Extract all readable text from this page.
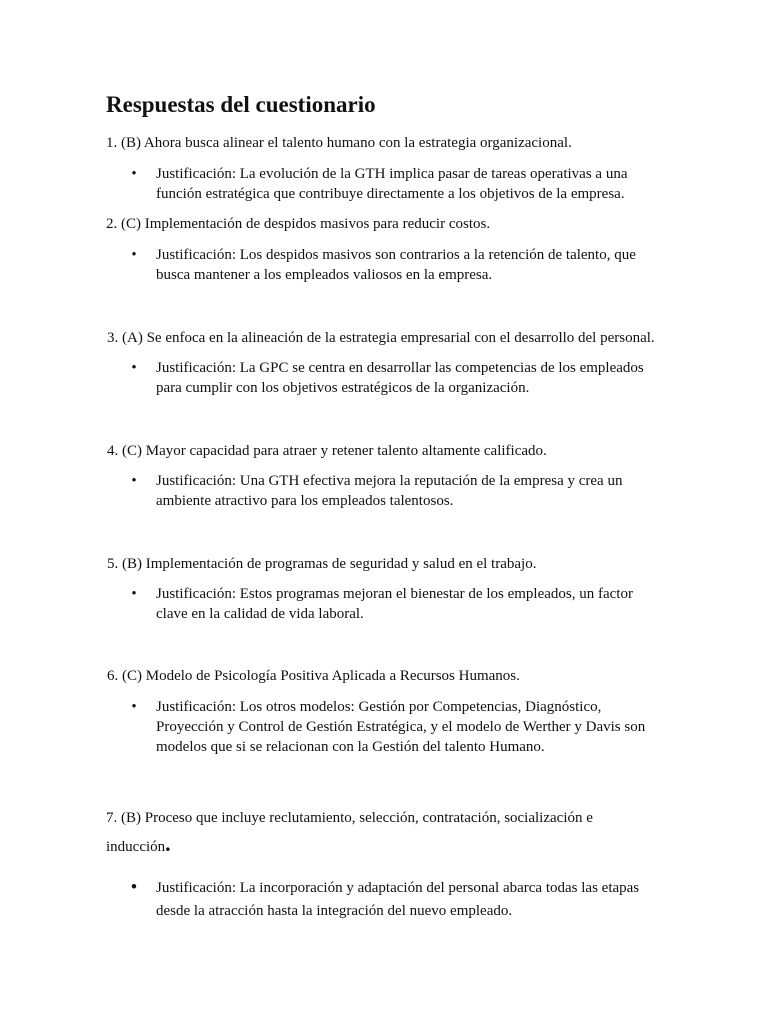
Respuestas del cuestionario
1. (B) Ahora busca alinear el talento humano con la estrategia organizacional.
• Justificación: La evolución de la GTH implica pasar de tareas operativas a una función estratégica que contribuye directamente a los objetivos de la empresa.
2. (C) Implementación de despidos masivos para reducir costos.
• Justificación: Los despidos masivos son contrarios a la retención de talento, que busca mantener a los empleados valiosos en la empresa.
3. (A) Se enfoca en la alineación de la estrategia empresarial con el desarrollo del personal.
• Justificación: La GPC se centra en desarrollar las competencias de los empleados para cumplir con los objetivos estratégicos de la organización.
4. (C) Mayor capacidad para atraer y retener talento altamente calificado.
• Justificación: Una GTH efectiva mejora la reputación de la empresa y crea un ambiente atractivo para los empleados talentosos.
5. (B) Implementación de programas de seguridad y salud en el trabajo.
• Justificación: Estos programas mejoran el bienestar de los empleados, un factor clave en la calidad de vida laboral.
6. (C) Modelo de Psicología Positiva Aplicada a Recursos Humanos.
• Justificación: Los otros modelos: Gestión por Competencias, Diagnóstico, Proyección y Control de Gestión Estratégica, y el modelo de Werther y Davis son modelos que si se relacionan con la Gestión del talento Humano.
7. (B) Proceso que incluye reclutamiento, selección, contratación, socialización e inducción.
• Justificación: La incorporación y adaptación del personal abarca todas las etapas desde la atracción hasta la integración del nuevo empleado.
